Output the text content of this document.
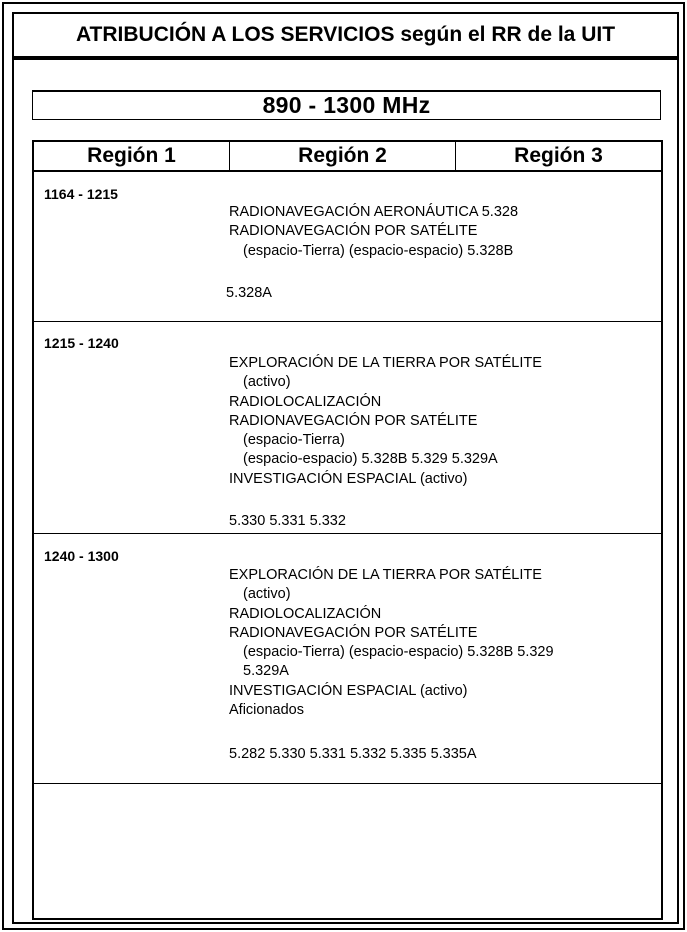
ATRIBUCIÓN A LOS SERVICIOS según el RR de la UIT
890 - 1300 MHz
Región 1	Región 2	Región 3
1164 - 1215
RADIONAVEGACIÓN AERONÁUTICA 5.328
RADIONAVEGACIÓN POR SATÉLITE
(espacio-Tierra) (espacio-espacio) 5.328B
5.328A
1215 - 1240
EXPLORACIÓN DE LA TIERRA POR SATÉLITE
(activo)
RADIOLOCALIZACIÓN
RADIONAVEGACIÓN POR SATÉLITE
(espacio-Tierra)
(espacio-espacio) 5.328B 5.329 5.329A
INVESTIGACIÓN ESPACIAL (activo)
5.330 5.331 5.332
1240 - 1300
EXPLORACIÓN DE LA TIERRA POR SATÉLITE
(activo)
RADIOLOCALIZACIÓN
RADIONAVEGACIÓN POR SATÉLITE
(espacio-Tierra) (espacio-espacio) 5.328B 5.329
5.329A
INVESTIGACIÓN ESPACIAL (activo)
Aficionados
5.282 5.330 5.331 5.332 5.335 5.335A
